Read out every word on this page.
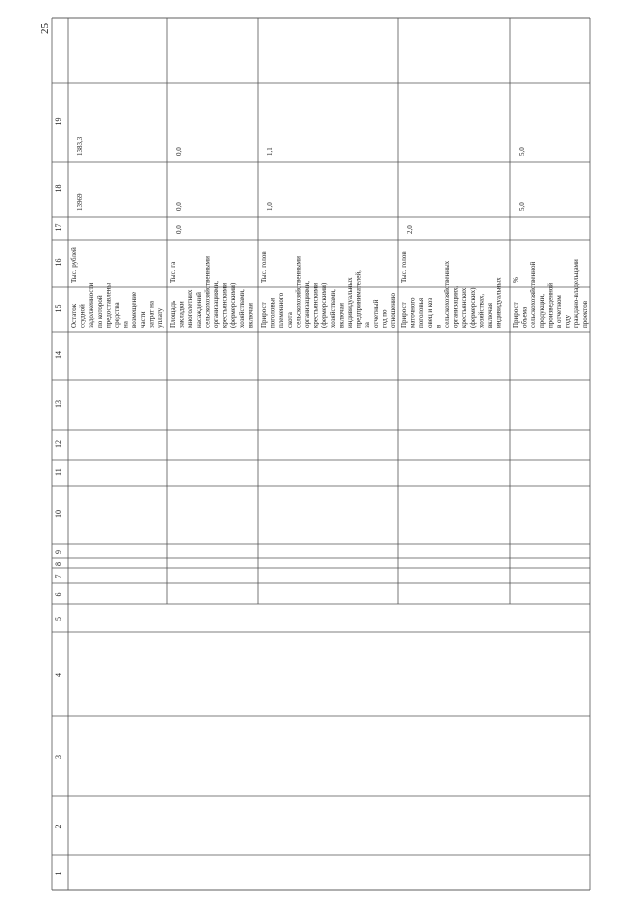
1
2
3
4
5
6
7
8
9
10
11
12
13
14
15
16
17
18
19
Остаток ссудной задолженности по которой предоставлены средства на возмещение части затрат на уплату
Тыс. рублей
13969
1383,3
Площадь закладки многолетних насаждений сельскохозяйственными организациями, крестьянскими (фермерскими) хозяйствами, включая
Тыс. га
0,0
0,0
0,0
Прирост поголовья племенного скота сельскохозяйственными организациями, крестьянскими (фермерскими) хозяйствами, включая индивидуальных предпринимателей, за отчетный год по отношению
Тыс. голов
1,0
1,1
Прирост маточного поголовья овец и коз в сельскохозяйственных организациях, крестьянских (фермерских) хозяйствах, включая индивидуальных
Тыс. голов
2,0
Прирост объема сельскохозяйственной продукции, произведенной в отчетном году граждано-владельцами проектов
%
5,0
5,0
25
